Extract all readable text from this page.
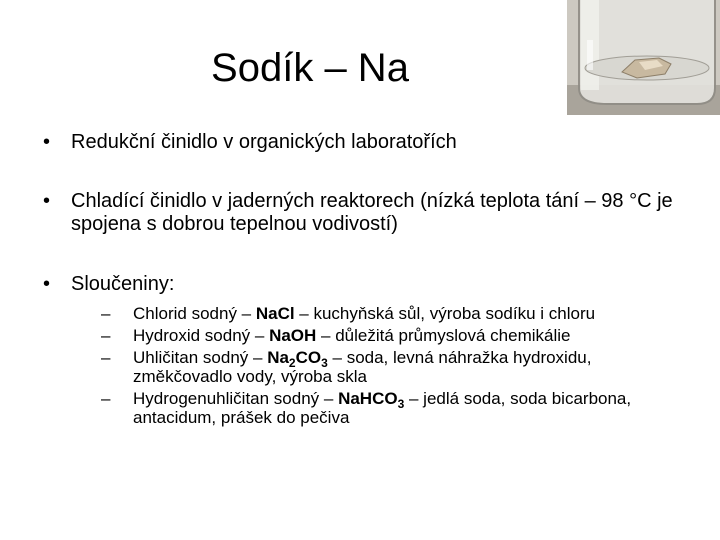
Sodík – Na
•	Redukční činidlo v organických laboratořích
•	Chladící činidlo v jaderných reaktorech (nízká teplota tání – 98 °C je spojena s dobrou tepelnou vodivostí)
•	Sloučeniny:
– Chlorid sodný – NaCl – kuchyňská sůl, výroba sodíku i chloru
– Hydroxid sodný – NaOH – důležitá průmyslová chemikálie
– Uhličitan sodný – $Na_2CO_3$ – soda, levná náhražka hydroxidu, změkčovadlo vody, výroba skla
– Hydrogenuhličitan sodný – NaHCO$_3$ – jedlá soda, soda bicarbona, antacidum, prášek do pečiva
